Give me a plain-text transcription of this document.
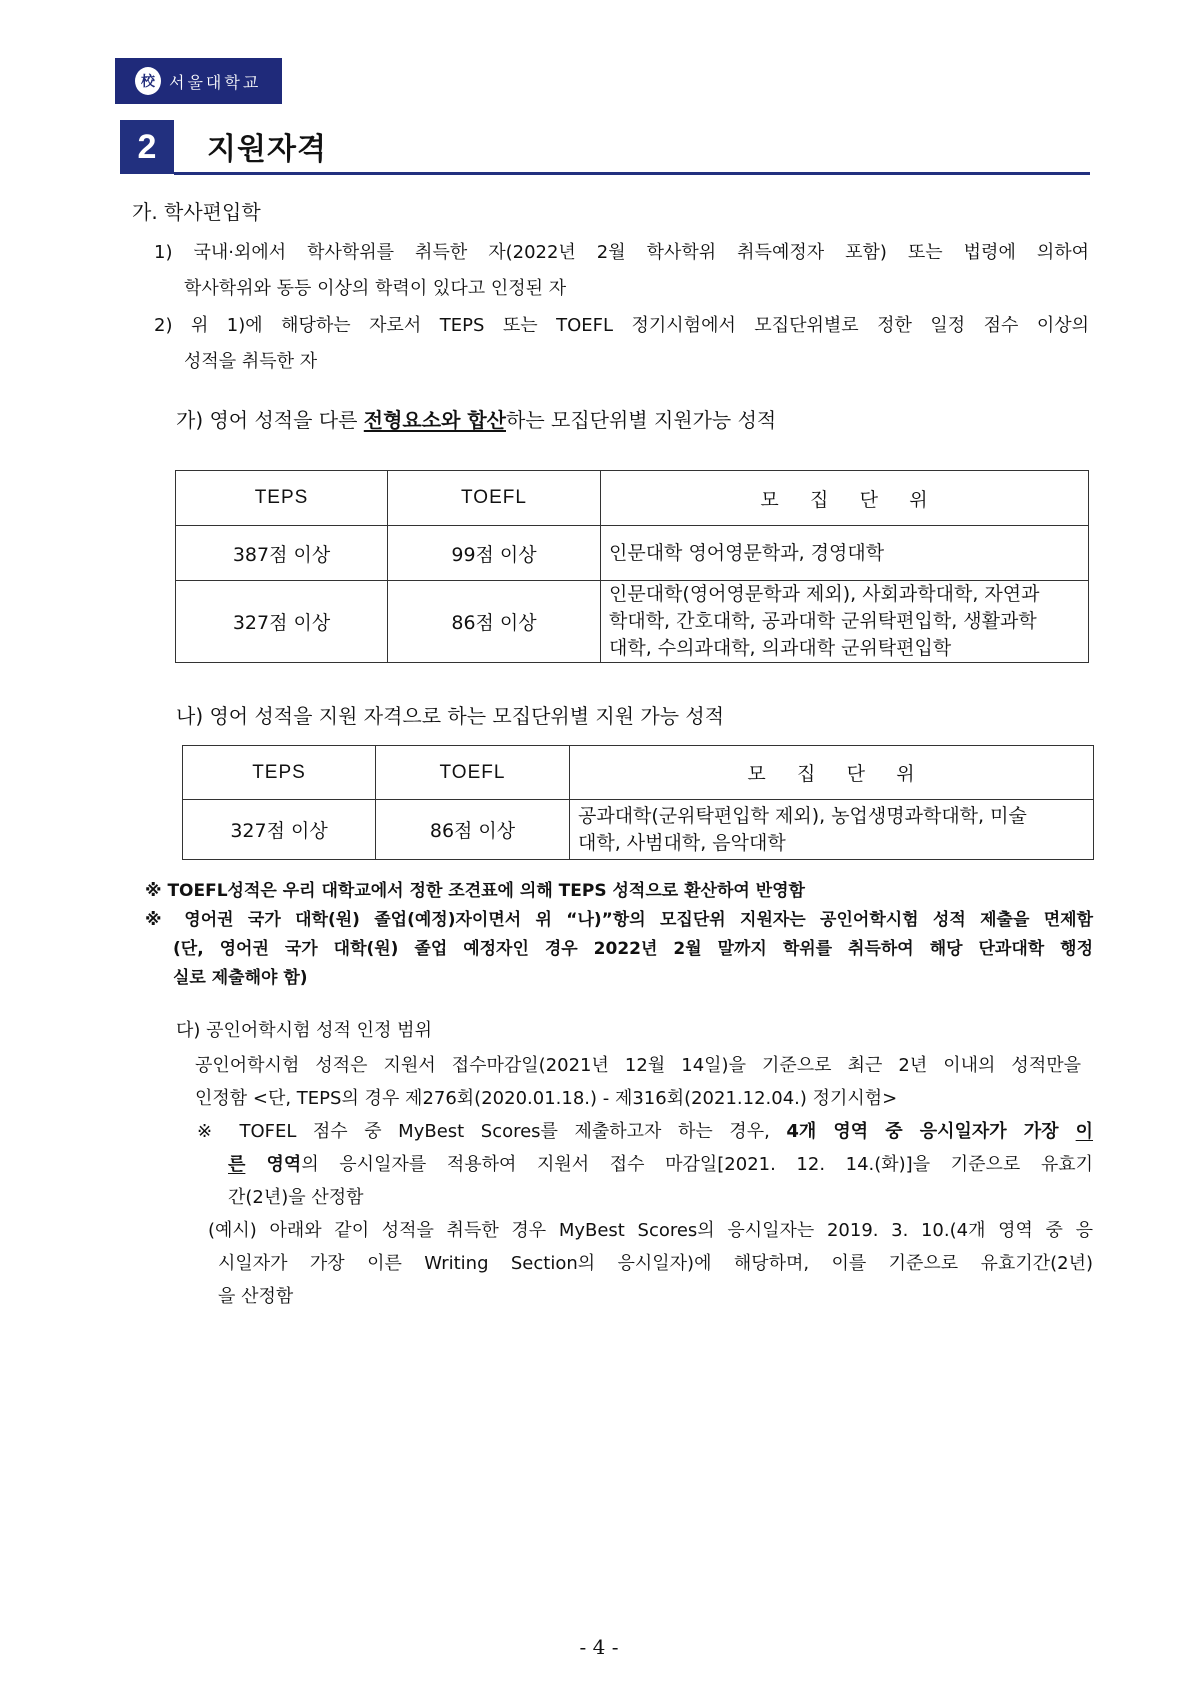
校 서울대학교
2	지원자격
가. 학사편입학
1) 국내·외에서 학사학위를 취득한 자(2022년 2월 학사학위 취득예정자 포함) 또는 법령에 의하여
학사학위와 동등 이상의 학력이 있다고 인정된 자
2) 위 1)에 해당하는 자로서 TEPS 또는 TOEFL 정기시험에서 모집단위별로 정한 일정 점수 이상의
성적을 취득한 자
가) 영어 성적을 다른 전형요소와 합산하는 모집단위별 지원가능 성적
TEPS	TOEFL	모 집 단 위
387점 이상	99점 이상	인문대학 영어영문학과, 경영대학
327점 이상	86점 이상	인문대학(영어영문학과 제외), 사회과학대학, 자연과
학대학, 간호대학, 공과대학 군위탁편입학, 생활과학
대학, 수의과대학, 의과대학 군위탁편입학
나) 영어 성적을 지원 자격으로 하는 모집단위별 지원 가능 성적
TEPS	TOEFL	모 집 단 위
327점 이상	86점 이상	공과대학(군위탁편입학 제외), 농업생명과학대학, 미술
대학, 사범대학, 음악대학
※ TOEFL성적은 우리 대학교에서 정한 조견표에 의해 TEPS 성적으로 환산하여 반영함
※ 영어권 국가 대학(원) 졸업(예정)자이면서 위 “나)”항의 모집단위 지원자는 공인어학시험 성적 제출을 면제함
(단, 영어권 국가 대학(원) 졸업 예정자인 경우 2022년 2월 말까지 학위를 취득하여 해당 단과대학 행정
실로 제출해야 함)
다) 공인어학시험 성적 인정 범위
공인어학시험 성적은 지원서 접수마감일(2021년 12월 14일)을 기준으로 최근 2년 이내의 성적만을
인정함 <단, TEPS의 경우 제276회(2020.01.18.) - 제316회(2021.12.04.) 정기시험>
※ TOFEL 점수 중 MyBest Scores를 제출하고자 하는 경우, 4개 영역 중 응시일자가 가장 이
른 영역의 응시일자를 적용하여 지원서 접수 마감일[2021. 12. 14.(화)]을 기준으로 유효기
간(2년)을 산정함
(예시) 아래와 같이 성적을 취득한 경우 MyBest Scores의 응시일자는 2019. 3. 10.(4개 영역 중 응
시일자가 가장 이른 Writing Section의 응시일자)에 해당하며, 이를 기준으로 유효기간(2년)
을 산정함
- 4 -
